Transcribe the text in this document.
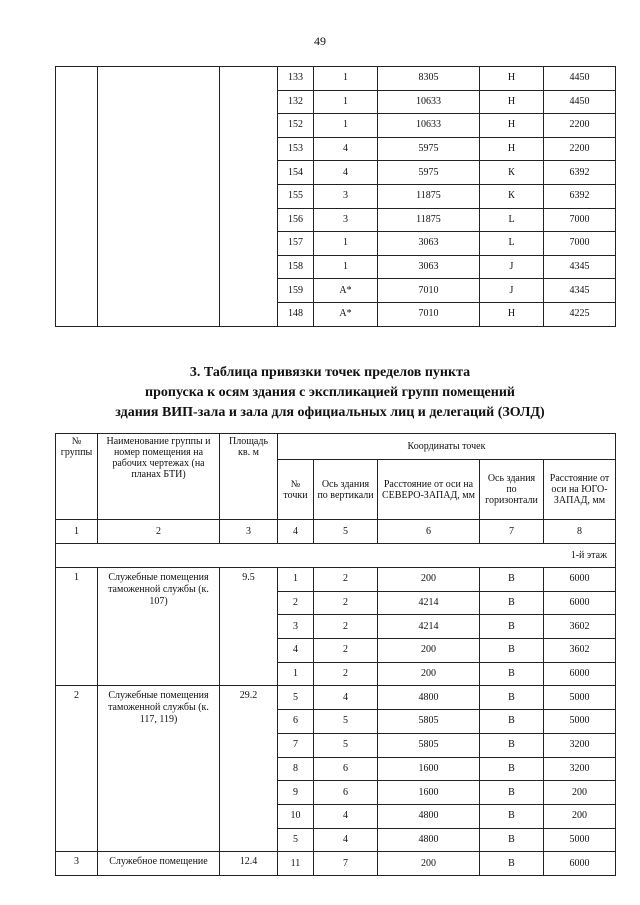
49
			133	1	8305	Н	4450
			132	1	10633	Н	4450
			152	1	10633	Н	2200
			153	4	5975	Н	2200
			154	4	5975	К	6392
			155	3	11875	К	6392
			156	3	11875	L	7000
			157	1	3063	L	7000
			158	1	3063	J	4345
			159	А*	7010	J	4345
			148	А*	7010	Н	4225
3. Таблица привязки точек пределов пункта
пропуска к осям здания с экспликацией групп помещений
здания ВИП-зала и зала для официальных лиц и делегаций (ЗОЛД)
№ группы	Наименование группы и номер помещения на рабочих чертежах (на планах БТИ)	Площадь кв. м	Координаты точек				
			№ точки	Ось здания по вертикали	Расстояние от оси на СЕВЕРО-ЗАПАД, мм	Ось здания по горизонтали	Расстояние от оси на ЮГО-ЗАПАД, мм
1	2	3	4	5	6	7	8
1-й этаж							
1	Служебные помещения таможенной службы (к. 107)	9.5	1	2	200	В	6000
			2	2	4214	В	6000
			3	2	4214	В	3602
			4	2	200	В	3602
			1	2	200	В	6000
2	Служебные помещения таможенной службы (к. 117, 119)	29.2	5	4	4800	В	5000
			6	5	5805	В	5000
			7	5	5805	В	3200
			8	6	1600	В	3200
			9	6	1600	В	200
			10	4	4800	В	200
			5	4	4800	В	5000
3	Служебное помещение	12.4	11	7	200	В	6000
